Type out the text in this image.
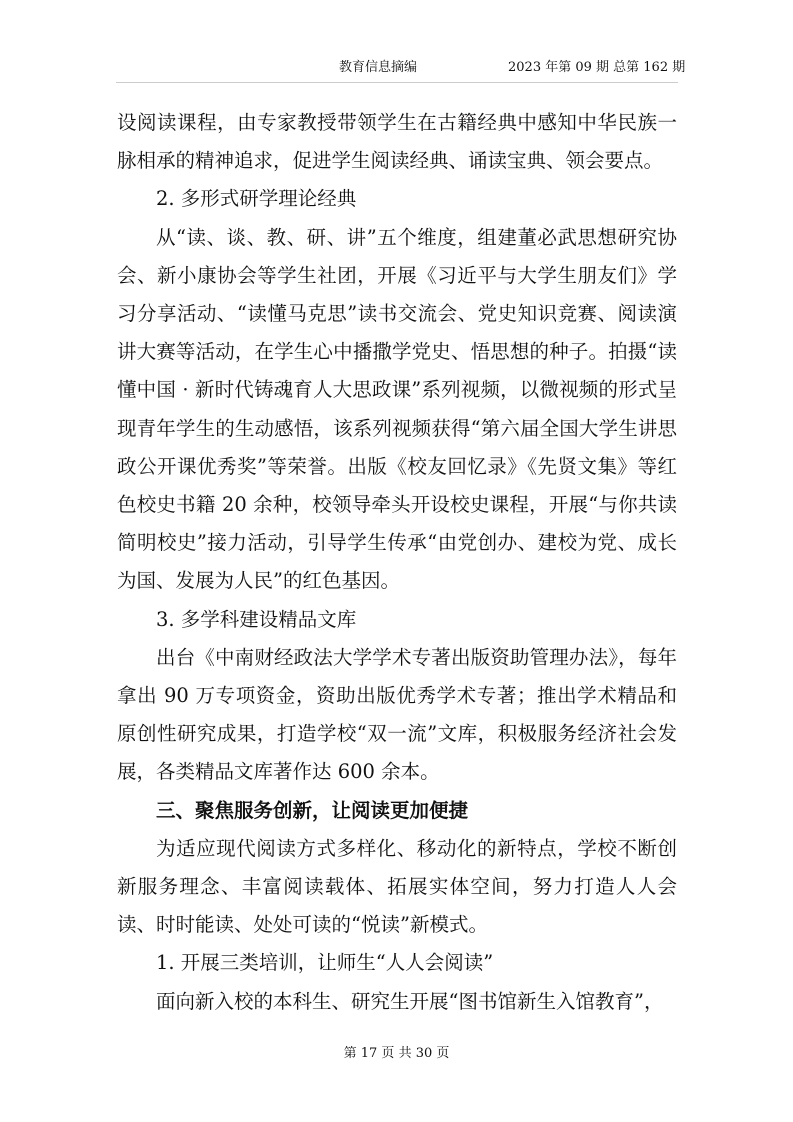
教育信息摘编	2023 年第 09 期 总第 162 期

设阅读课程，由专家教授带领学生在古籍经典中感知中华民族一脉相承的精神追求，促进学生阅读经典、诵读宝典、领会要点。

2. 多形式研学理论经典

从“读、谈、教、研、讲”五个维度，组建董必武思想研究协会、新小康协会等学生社团，开展《习近平与大学生朋友们》学习分享活动、“读懂马克思”读书交流会、党史知识竞赛、阅读演讲大赛等活动，在学生心中播撒学党史、悟思想的种子。拍摄“读懂中国 · 新时代铸魂育人大思政课”系列视频，以微视频的形式呈现青年学生的生动感悟，该系列视频获得“第六届全国大学生讲思政公开课优秀奖”等荣誉。出版《校友回忆录》《先贤文集》等红色校史书籍 20 余种，校领导牵头开设校史课程，开展“与你共读简明校史”接力活动，引导学生传承“由党创办、建校为党、成长为国、发展为人民”的红色基因。

3. 多学科建设精品文库

出台《中南财经政法大学学术专著出版资助管理办法》，每年拿出 90 万专项资金，资助出版优秀学术专著；推出学术精品和原创性研究成果，打造学校“双一流”文库，积极服务经济社会发展，各类精品文库著作达 600 余本。

三、聚焦服务创新，让阅读更加便捷

为适应现代阅读方式多样化、移动化的新特点，学校不断创新服务理念、丰富阅读载体、拓展实体空间，努力打造人人会读、时时能读、处处可读的“悦读”新模式。

1. 开展三类培训，让师生“人人会阅读”

面向新入校的本科生、研究生开展“图书馆新生入馆教育”，

第 17 页 共 30 页
